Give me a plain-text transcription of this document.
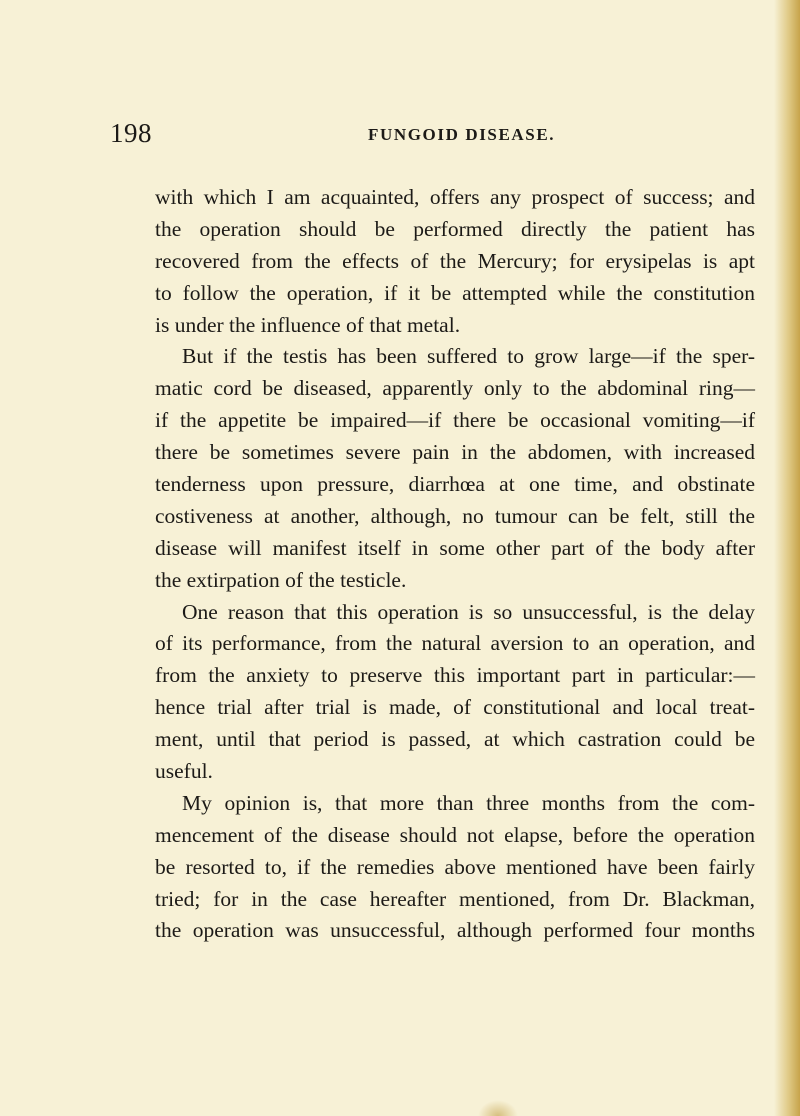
198	FUNGOID DISEASE.
with which I am acquainted, offers any prospect of success; and
the operation should be performed directly the patient has
recovered from the effects of the Mercury; for erysipelas is apt
to follow the operation, if it be attempted while the constitution
is under the influence of that metal.
But if the testis has been suffered to grow large—if the sper-
matic cord be diseased, apparently only to the abdominal ring—
if the appetite be impaired—if there be occasional vomiting—if
there be sometimes severe pain in the abdomen, with increased
tenderness upon pressure, diarrhœa at one time, and obstinate
costiveness at another, although, no tumour can be felt, still the
disease will manifest itself in some other part of the body after
the extirpation of the testicle.
One reason that this operation is so unsuccessful, is the delay
of its performance, from the natural aversion to an operation, and
from the anxiety to preserve this important part in particular:—
hence trial after trial is made, of constitutional and local treat-
ment, until that period is passed, at which castration could be
useful.
My opinion is, that more than three months from the com-
mencement of the disease should not elapse, before the operation
be resorted to, if the remedies above mentioned have been fairly
tried; for in the case hereafter mentioned, from Dr. Blackman,
the operation was unsuccessful, although performed four months
